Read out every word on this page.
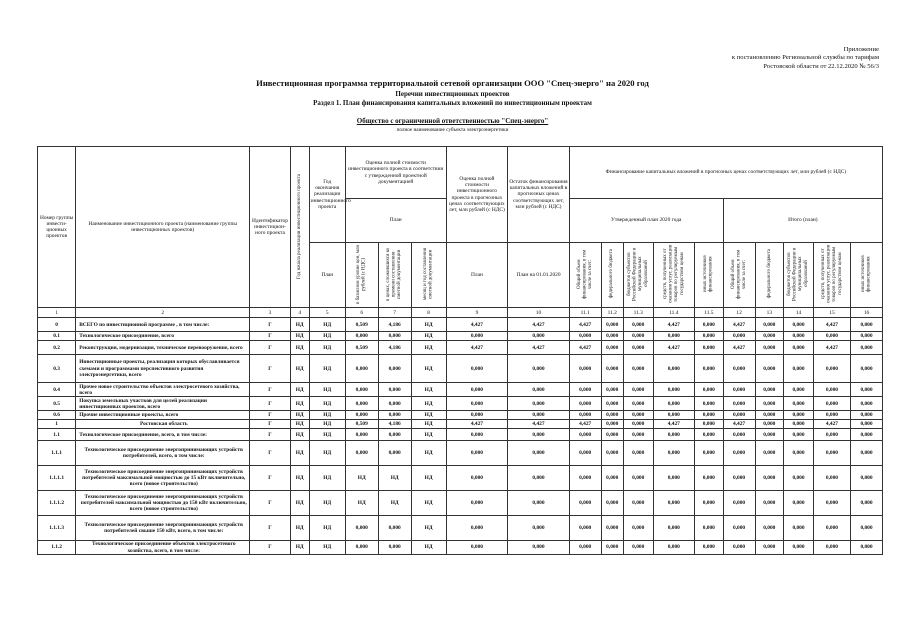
Приложение
к постановлению Региональной службы по тарифам
Ростовской области от 22.12.2020 № 56/3
Инвестиционная программа территориальной сетевой организации ООО "Спец-энерго" на 2020 год
Перечни инвестиционных проектов
Раздел 1. План финансирования капитальных вложений по инвестиционным проектам
Общество с ограниченной ответственностью "Спец-энерго"
полное наименование субъекта электроэнергетики
Номер группы инвести-ционных проектов	Наименование инвестиционного проекта (наименование группы инвестиционных проектов)	Идентификатор инвестицион-ного проекта	Год начала реализации инвестиционного проекта	Год окончания реализации инвестиционного проекта	Оценка полной стоимости инвестиционного проекта в соответствии с утвержденной проектной документацией			Оценка полной стоимости инвестиционного проекта в прогнозных ценах соответствующих лет, млн рублей (с НДС)	Остаток финансирования капитальных вложений в прогнозных ценах соответствующих лет, млн рублей (с НДС)	Финансирование капитальных вложений в прогнозных ценах соответствующих лет, млн рублей (с НДС)									
					План					Утвержденный план 2020 года					Итого (план)				
				План	в базисном уровне цен, млн рублей (с НДС)	в ценах, сложившихся ко времени составления сметной документации	месяц и год составления сметной документации	План	План на 01.01.2020	Общий объем финансирования, в том числе за счет:	федерального бюджета	бюджетов субъектов Российской Федерации и муниципальных образований	средств, полученных от оказания услуг, реализации товаров по регулируемым государством ценам	иных источников финансирования	Общий объем финансирования, в том числе за счет:	федерального бюджета	бюджетов субъектов Российской Федерации и муниципальных образований	средств, полученных от оказания услуг, реализации товаров по регулируемым государством ценам	иных источников финансирования
1	2	3	4	5	6	7	8	9	10	11.1	11.2	11.3	11.4	11.5	12	13	14	15	16
0	ВСЕГО по инвестиционной программе , в том числе:	Г	НД	НД	0,509	4,186	НД	4,427	4,427	4,427	0,000	0,000	4,427	0,000	4,427	0,000	0,000	4,427	0,000
0.1	Технологическое присоединение, всего	Г	НД	НД	0,000	0,000	НД	0,000	0,000	0,000	0,000	0,000	0,000	0,000	0,000	0,000	0,000	0,000	0,000
0.2	Реконструкция, модернизация, техническое перевооружение, всего	Г	НД	НД	0,509	4,186	НД	4,427	4,427	4,427	0,000	0,000	4,427	0,000	4,427	0,000	0,000	4,427	0,000
0.3	Инвестиционные проекты, реализация которых обуславливается схемами и программами перспективного развития электроэнергетики, всего	Г	НД	НД	0,000	0,000	НД	0,000	0,000	0,000	0,000	0,000	0,000	0,000	0,000	0,000	0,000	0,000	0,000
0.4	Прочее новое строительство объектов электросетевого хозяйства, всего	Г	НД	НД	0,000	0,000	НД	0,000	0,000	0,000	0,000	0,000	0,000	0,000	0,000	0,000	0,000	0,000	0,000
0.5	Покупка земельных участков для целей реализации инвестиционных проектов, всего	Г	НД	НД	0,000	0,000	НД	0,000	0,000	0,000	0,000	0,000	0,000	0,000	0,000	0,000	0,000	0,000	0,000
0.6	Прочие инвестиционные проекты, всего	Г	НД	НД	0,000	0,000	НД	0,000	0,000	0,000	0,000	0,000	0,000	0,000	0,000	0,000	0,000	0,000	0,000
1	Ростовская область	Г	НД	НД	0,509	4,186	НД	4,427	4,427	4,427	0,000	0,000	4,427	0,000	4,427	0,000	0,000	4,427	0,000
1.1	Технологическое присоединение, всего, в том числе:	Г	НД	НД	0,000	0,000	НД	0,000	0,000	0,000	0,000	0,000	0,000	0,000	0,000	0,000	0,000	0,000	0,000
1.1.1	Технологическое присоединение энергопринимающих устройств потребителей, всего, в том числе:	Г	НД	НД	0,000	0,000	НД	0,000	0,000	0,000	0,000	0,000	0,000	0,000	0,000	0,000	0,000	0,000	0,000
1.1.1.1	Технологическое присоединение энергопринимающих устройств потребителей максимальной мощностью до 15 кВт включительно, всего (новое строительство)	Г	НД	НД	НД	НД	НД	0,000	0,000	0,000	0,000	0,000	0,000	0,000	0,000	0,000	0,000	0,000	0,000
1.1.1.2	Технологическое присоединение энергопринимающих устройств потребителей максимальной мощностью до 150 кВт включительно, всего (новое строительство)	Г	НД	НД	НД	НД	НД	0,000	0,000	0,000	0,000	0,000	0,000	0,000	0,000	0,000	0,000	0,000	0,000
1.1.1.3	Технологическое присоединение энергопринимающих устройств потребителей свыше 150 кВт, всего, в том числе:	Г	НД	НД	0,000	0,000	НД	0,000	0,000	0,000	0,000	0,000	0,000	0,000	0,000	0,000	0,000	0,000	0,000
1.1.2	Технологическое присоединение объектов электросетевого хозяйства, всего, в том числе:	Г	НД	НД	0,000	0,000	НД	0,000	0,000	0,000	0,000	0,000	0,000	0,000	0,000	0,000	0,000	0,000	0,000
